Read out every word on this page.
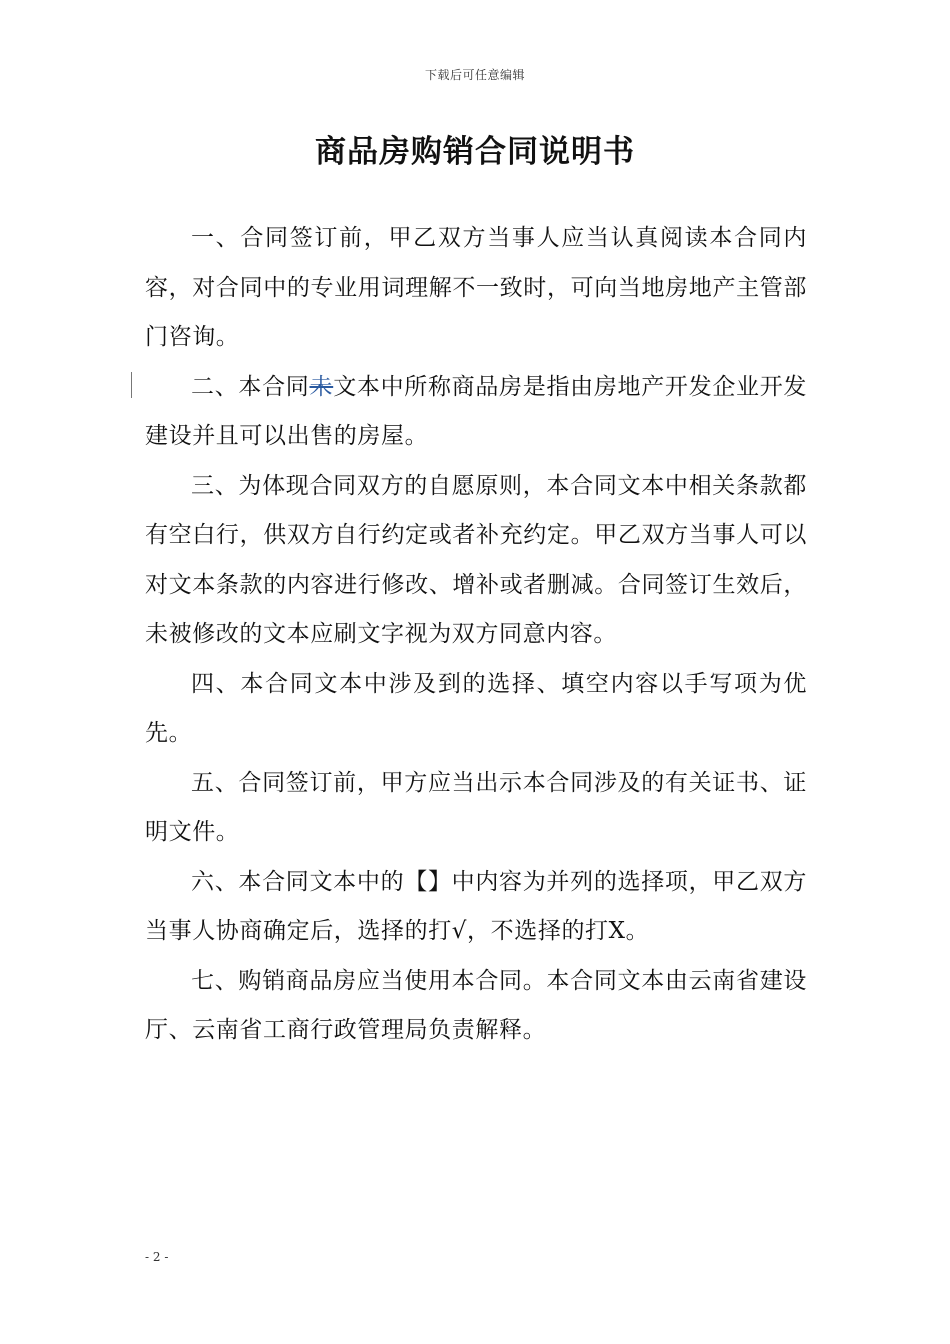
下载后可任意编辑
商品房购销合同说明书

一、合同签订前，甲乙双方当事人应当认真阅读本合同内容，对合同中的专业用词理解不一致时，可向当地房地产主管部门咨询。

二、本合同未文本中所称商品房是指由房地产开发企业开发建设并且可以出售的房屋。

三、为体现合同双方的自愿原则，本合同文本中相关条款都有空白行，供双方自行约定或者补充约定。甲乙双方当事人可以对文本条款的内容进行修改、增补或者删减。合同签订生效后，未被修改的文本应刷文字视为双方同意内容。

四、本合同文本中涉及到的选择、填空内容以手写项为优先。

五、合同签订前，甲方应当出示本合同涉及的有关证书、证明文件。

六、本合同文本中的【】中内容为并列的选择项，甲乙双方当事人协商确定后，选择的打√，不选择的打X。

七、购销商品房应当使用本合同。本合同文本由云南省建设厅、云南省工商行政管理局负责解释。

- 2 -
